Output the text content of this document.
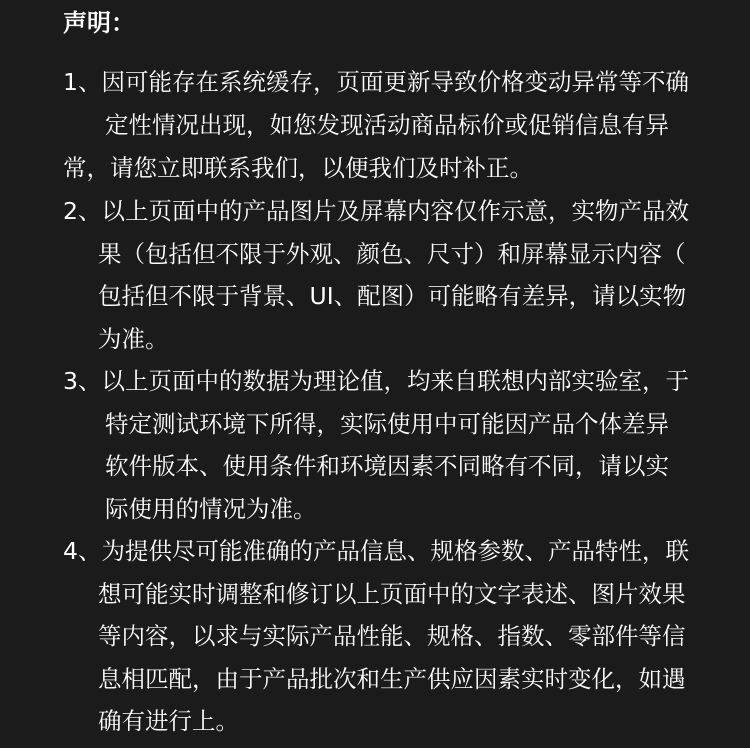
声明：
1、因可能存在系统缓存，页面更新导致价格变动异常等不确
定性情况出现，如您发现活动商品标价或促销信息有异
常，请您立即联系我们，以便我们及时补正。
2、以上页面中的产品图片及屏幕内容仅作示意，实物产品效
果（包括但不限于外观、颜色、尺寸）和屏幕显示内容（
包括但不限于背景、UI、配图）可能略有差异，请以实物
为准。
3、以上页面中的数据为理论值，均来自联想内部实验室，于
特定测试环境下所得，实际使用中可能因产品个体差异
软件版本、使用条件和环境因素不同略有不同，请以实
际使用的情况为准。
4、为提供尽可能准确的产品信息、规格参数、产品特性，联
想可能实时调整和修订以上页面中的文字表述、图片效果
等内容，以求与实际产品性能、规格、指数、零部件等信
息相匹配，由于产品批次和生产供应因素实时变化，如遇
确有进行上。
